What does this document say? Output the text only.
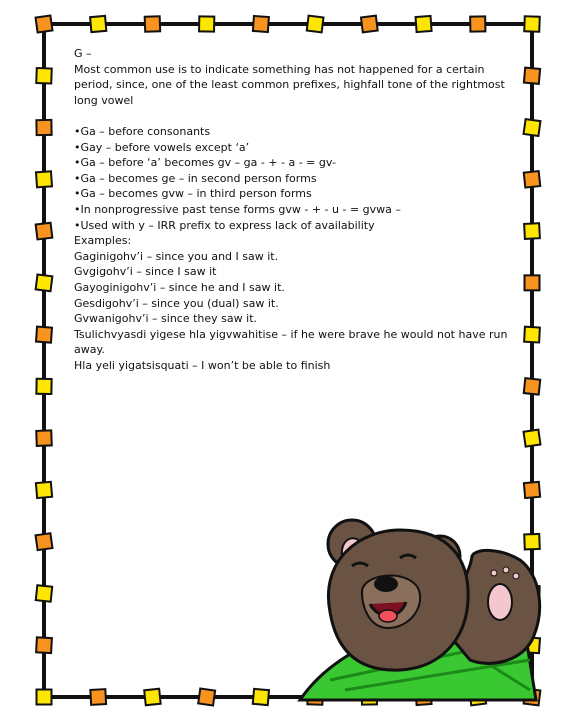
G –
Most common use is to indicate something has not happened for a certain period, since, one of the least common prefixes, highfall tone of the rightmost long vowel
•Ga – before consonants
•Gay – before vowels except ‘a’
•Ga – before ‘a’ becomes gv – ga - + - a - = gv-
•Ga – becomes ge – in second person forms
•Ga – becomes gvw – in third person forms
•In nonprogressive past tense forms gvw - + - u - = gvwa –
•Used with y – IRR prefix to express lack of availability
Examples:
Gaginigohv’i – since you and I saw it.
Gvgigohv’i – since I saw it
Gayoginigohv’i – since he and I saw it.
Gesdigohv’i – since you (dual) saw it.
Gvwanigohv’i – since they saw it.
Tsulichvyasdi yigese hla yigvwahitise – if he were brave he would not have run away.
Hla yeli yigatsisquati – I won’t be able to finish
